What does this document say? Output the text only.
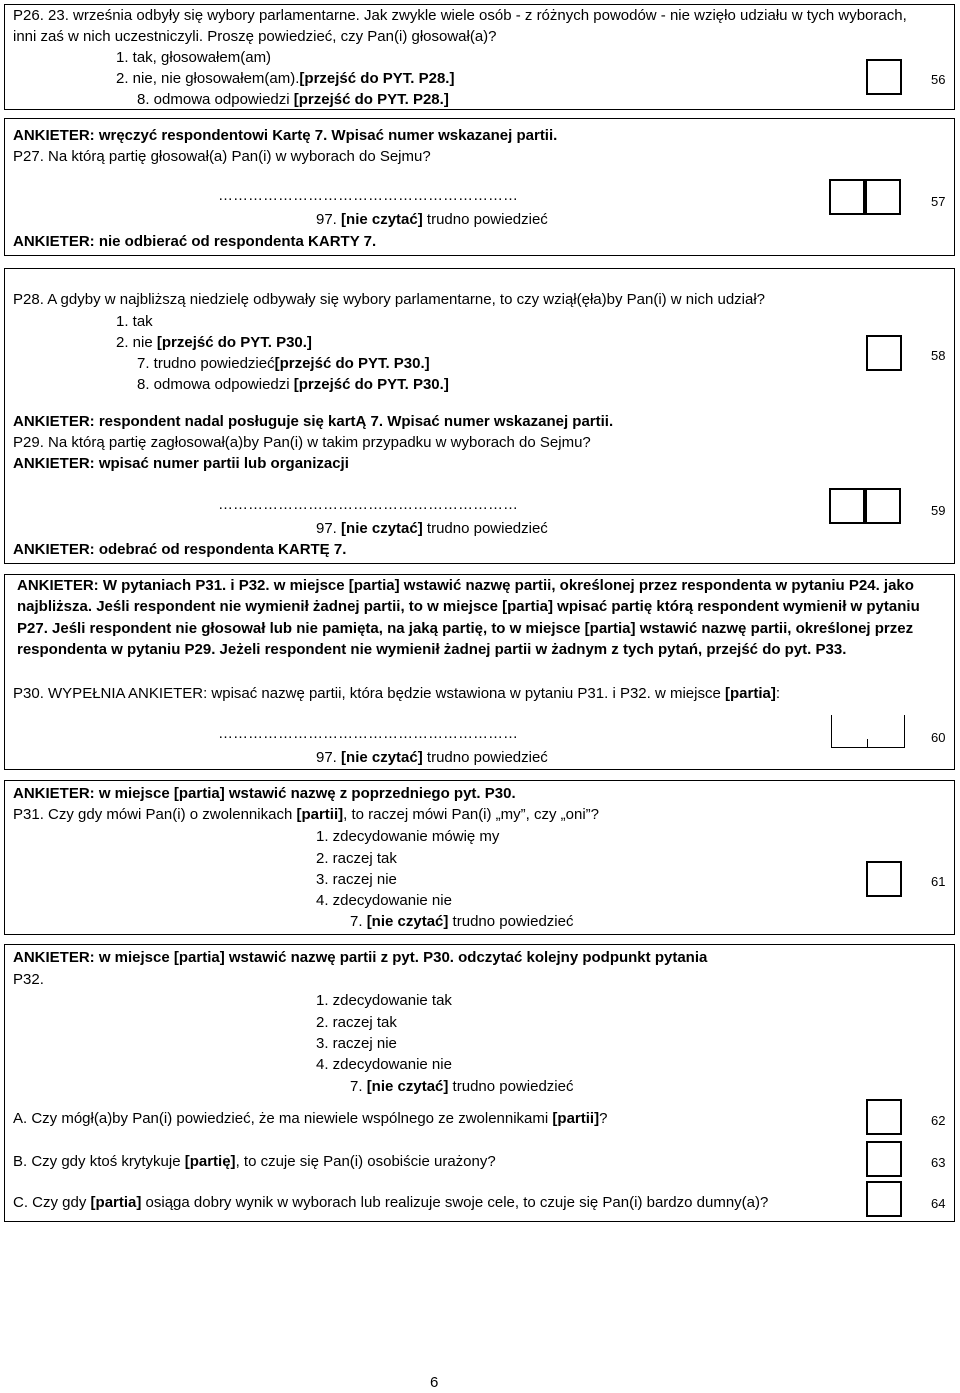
P26. 23. września odbyły się wybory parlamentarne. Jak zwykle wiele osób - z różnych powodów - nie wzięło udziału w tych wyborach,
inni zaś w nich uczestniczyli. Proszę powiedzieć, czy Pan(i) głosował(a)?
1. tak, głosowałem(am)
2. nie, nie głosowałem(am).[przejść do PYT. P28.]
8. odmowa odpowiedzi [przejść do PYT. P28.]
56
ANKIETER: wręczyć respondentowi Kartę 7. Wpisać numer wskazanej partii.
P27. Na którą partię głosował(a) Pan(i) w wyborach do Sejmu?
……………………………………………………
97. [nie czytać] trudno powiedzieć
ANKIETER: nie odbierać od respondenta KARTY 7.
57
P28. A gdyby w najbliższą niedzielę odbywały się wybory parlamentarne, to czy wziął(ęła)by Pan(i) w nich udział?
1. tak
2. nie [przejść do PYT. P30.]
7. trudno powiedzieć[przejść do PYT. P30.]
8. odmowa odpowiedzi [przejść do PYT. P30.]
58
ANKIETER: respondent nadal posługuje się kartĄ 7. Wpisać numer wskazanej partii.
P29. Na którą partię zagłosował(a)by Pan(i) w takim przypadku w wyborach do Sejmu?
ANKIETER: wpisać numer partii lub organizacji
……………………………………………………
97. [nie czytać] trudno powiedzieć
ANKIETER: odebrać od respondenta KARTĘ 7.
59
ANKIETER: W pytaniach P31. i P32. w miejsce [partia] wstawić nazwę partii, określonej przez respondenta w pytaniu P24. jako najbliższa. Jeśli respondent nie wymienił żadnej partii, to w miejsce [partia] wpisać partię którą respondent wymienił w pytaniu P27. Jeśli respondent nie głosował lub nie pamięta, na jaką partię, to w miejsce [partia] wstawić nazwę partii, określonej przez respondenta w pytaniu P29. Jeżeli respondent nie wymienił żadnej partii w żadnym z tych pytań, przejść do pyt. P33.
P30. WYPEŁNIA ANKIETER: wpisać nazwę partii, która będzie wstawiona w pytaniu P31. i P32. w miejsce [partia]:
……………………………………………………
97. [nie czytać] trudno powiedzieć
60
ANKIETER: w miejsce [partia] wstawić nazwę z poprzedniego pyt. P30.
P31. Czy gdy mówi Pan(i) o zwolennikach [partii], to raczej mówi Pan(i) „my”, czy „oni”?
1. zdecydowanie mówię my
2. raczej tak
3. raczej nie
4. zdecydowanie nie
7. [nie czytać] trudno powiedzieć
61
ANKIETER: w miejsce [partia] wstawić nazwę partii z pyt. P30. odczytać kolejny podpunkt pytania
P32.
1. zdecydowanie tak
2. raczej tak
3. raczej nie
4. zdecydowanie nie
7. [nie czytać] trudno powiedzieć
A. Czy mógł(a)by Pan(i) powiedzieć, że ma niewiele wspólnego ze zwolennikami [partii]?	62
B. Czy gdy ktoś krytykuje [partię], to czuje się Pan(i) osobiście urażony?	63
C. Czy gdy [partia] osiąga dobry wynik w wyborach lub realizuje swoje cele, to czuje się Pan(i) bardzo dumny(a)?	64
6
